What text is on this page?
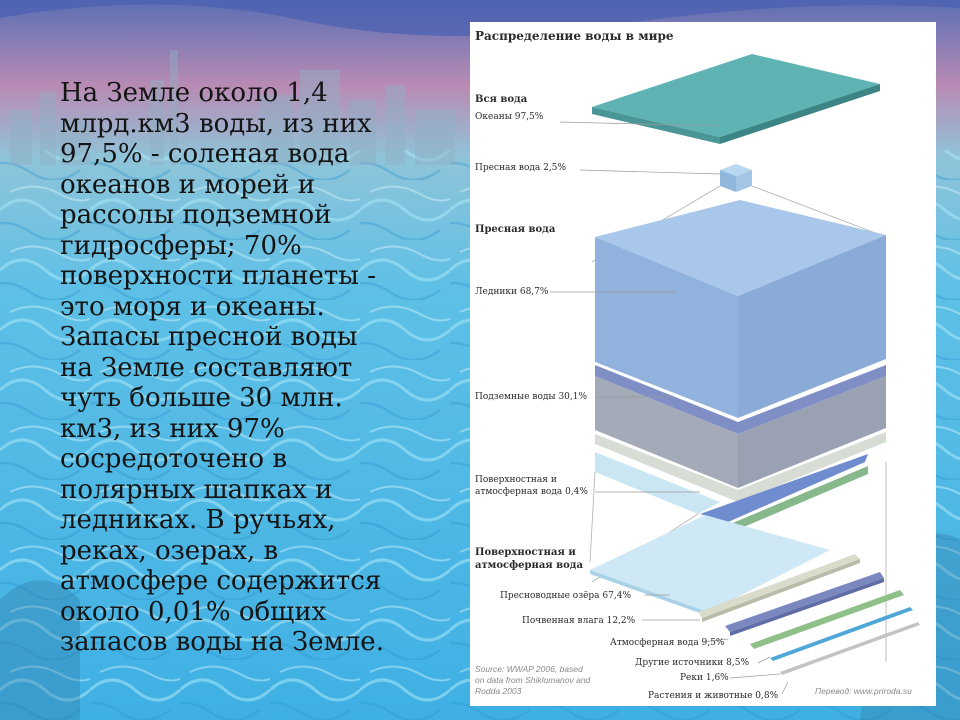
На Земле около 1,4
млрд.км3 воды, из них
97,5% - соленая вода
океанов и морей и
рассолы подземной
гидросферы; 70%
поверхности планеты -
это моря и океаны.
Запасы пресной воды
на Земле составляют
чуть больше 30 млн.
км3, из них 97%
сосредоточено в
полярных шапках и
ледниках. В ручьях,
реках, озерах, в
атмосфере содержится
около 0,01% общих
запасов воды на Земле.

Распределение воды в мире
Вся вода
Океаны 97,5%
Пресная вода 2,5%
Пресная вода
Ледники 68,7%
Подземные воды 30,1%
Поверхностная и
атмосферная вода 0,4%
Поверхностная и
атмосферная вода
Пресноводные озёра 67,4%
Почвенная влага 12,2%
Атмосферная вода 9,5%
Другие источники 8,5%
Реки 1,6%
Растения и животные 0,8%
Source: WWAP 2006, based
on data from Shiklomanov and
Rodda 2003	Перевод: www.priroda.su
